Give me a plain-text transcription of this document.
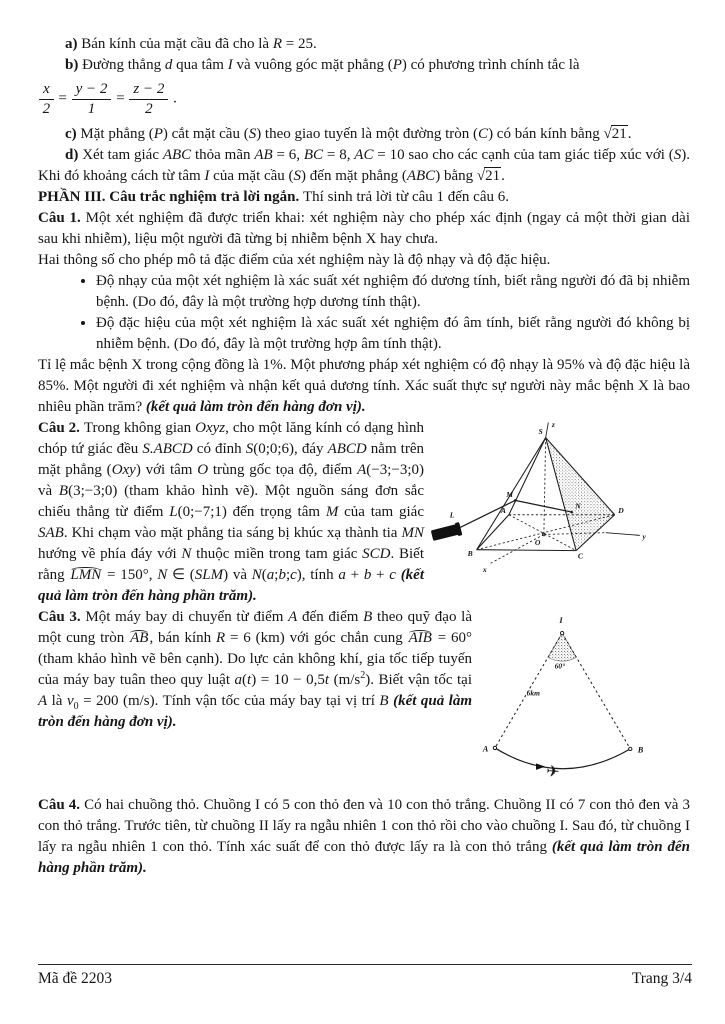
a) Bán kính của mặt cầu đã cho là R = 25.

b) Đường thẳng d qua tâm I và vuông góc mặt phẳng (P) có phương trình chính tắc là

$\frac{x}{2} = \frac{y - 2}{1} = \frac{z - 2}{2}$ .

c) Mặt phẳng (P) cắt mặt cầu (S) theo giao tuyến là một đường tròn (C) có bán kính bằng √21.

d) Xét tam giác ABC thỏa mãn AB = 6, BC = 8, AC = 10 sao cho các cạnh của tam giác tiếp xúc với (S). Khi đó khoảng cách từ tâm I của mặt cầu (S) đến mặt phẳng (ABC) bằng √21.

PHẦN III. Câu trắc nghiệm trả lời ngắn. Thí sinh trả lời từ câu 1 đến câu 6.

Câu 1. Một xét nghiệm đã được triển khai: xét nghiệm này cho phép xác định (ngay cả một thời gian dài sau khi nhiễm), liệu một người đã từng bị nhiễm bệnh X hay chưa.

Hai thông số cho phép mô tả đặc điểm của xét nghiệm này là độ nhạy và độ đặc hiệu.

• Độ nhạy của một xét nghiệm là xác suất xét nghiệm đó dương tính, biết rằng người đó đã bị nhiễm bệnh. (Do đó, đây là một trường hợp dương tính thật).
• Độ đặc hiệu của một xét nghiệm là xác suất xét nghiệm đó âm tính, biết rằng người đó không bị nhiễm bệnh. (Do đó, đây là một trường hợp âm tính thật).

Tỉ lệ mắc bệnh X trong cộng đồng là 1%. Một phương pháp xét nghiệm có độ nhạy là 95% và độ đặc hiệu là 85%. Một người đi xét nghiệm và nhận kết quả dương tính. Xác suất thực sự người này mắc bệnh X là bao nhiêu phần trăm? (kết quả làm tròn đến hàng đơn vị).

z
S
M
N
A
B	C
D
O
L
x
y

Câu 2. Trong không gian Oxyz, cho một lăng kính có dạng hình chóp tứ giác đều S.ABCD có đỉnh S(0;0;6), đáy ABCD nằm trên mặt phẳng (Oxy) với tâm O trùng gốc tọa độ, điểm A(−3;−3;0) và B(3;−3;0) (tham khảo hình vẽ). Một nguồn sáng đơn sắc chiếu thẳng từ điểm L(0;−7;1) đến trọng tâm M của tam giác SAB. Khi chạm vào mặt phẳng tia sáng bị khúc xạ thành tia MN hướng về phía đáy với N thuộc miền trong tam giác SCD. Biết rằng LMN = 150°, N ∈ (SLM) và N(a;b;c), tính a + b + c (kết quả làm tròn đến hàng phần trăm).

I
60°
6km
A	B
✈

Câu 3. Một máy bay di chuyển từ điểm A đến điểm B theo quỹ đạo là một cung tròn AB, bán kính R = 6 (km) với góc chắn cung AIB = 60° (tham khảo hình vẽ bên cạnh). Do lực cản không khí, gia tốc tiếp tuyến của máy bay tuân theo quy luật a(t) = 10 − 0,5t $(m/s^2)$. Biết vận tốc tại A là $v_0 = 200$ (m/s). Tính vận tốc của máy bay tại vị trí B (kết quả làm tròn đến hàng đơn vị).

Câu 4. Có hai chuồng thỏ. Chuồng I có 5 con thỏ đen và 10 con thỏ trắng. Chuồng II có 7 con thỏ đen và 3 con thỏ trắng. Trước tiên, từ chuồng II lấy ra ngẫu nhiên 1 con thỏ rồi cho vào chuồng I. Sau đó, từ chuồng I lấy ra ngẫu nhiên 1 con thỏ. Tính xác suất để con thỏ được lấy ra là con thỏ trắng (kết quả làm tròn đến hàng phần trăm).

Mã đề 2203	Trang 3/4
